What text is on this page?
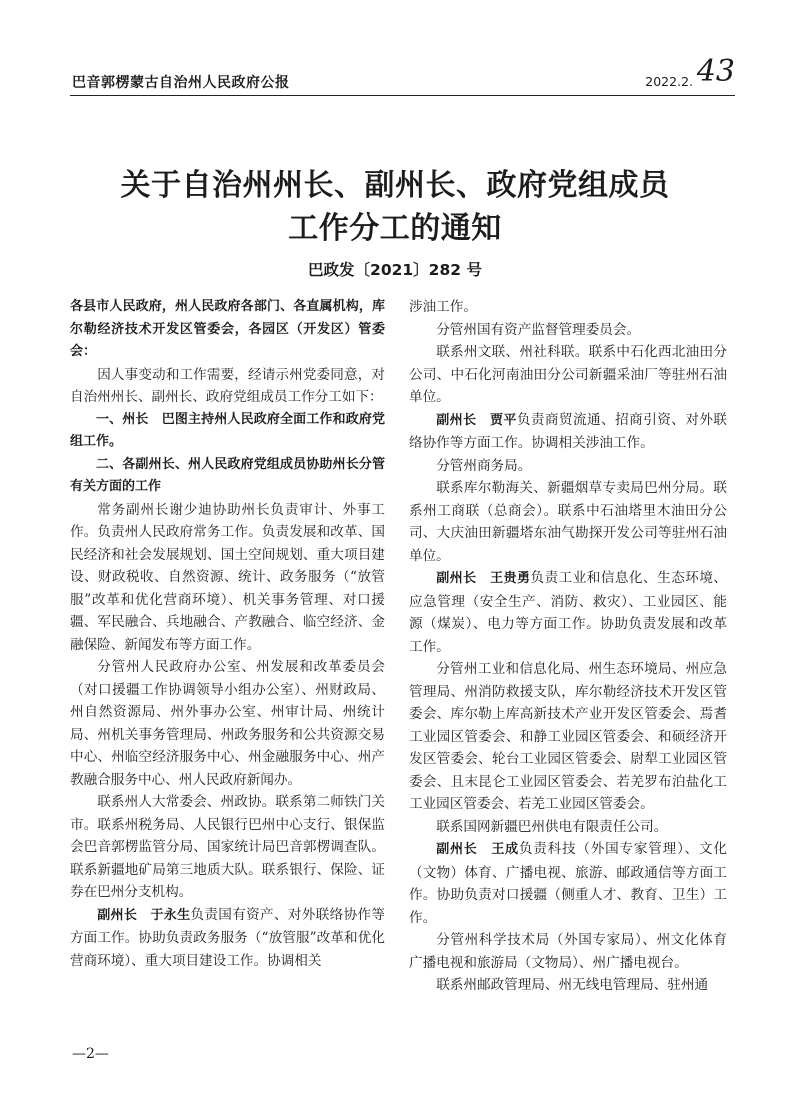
巴音郭楞蒙古自治州人民政府公报	2022.2. 43
关于自治州州长、副州长、政府党组成员
工作分工的通知
巴政发〔2021〕282 号

各县市人民政府，州人民政府各部门、各直属机构，库尔勒经济技术开发区管委会，各园区（开发区）管委会：

因人事变动和工作需要，经请示州党委同意，对自治州州长、副州长、政府党组成员工作分工如下：

一、州长　巴图主持州人民政府全面工作和政府党组工作。

二、各副州长、州人民政府党组成员协助州长分管有关方面的工作

常务副州长谢少迪协助州长负责审计、外事工作。负责州人民政府常务工作。负责发展和改革、国民经济和社会发展规划、国土空间规划、重大项目建设、财政税收、自然资源、统计、政务服务（“放管服”改革和优化营商环境）、机关事务管理、对口援疆、军民融合、兵地融合、产教融合、临空经济、金融保险、新闻发布等方面工作。

分管州人民政府办公室、州发展和改革委员会（对口援疆工作协调领导小组办公室）、州财政局、州自然资源局、州外事办公室、州审计局、州统计局、州机关事务管理局、州政务服务和公共资源交易中心、州临空经济服务中心、州金融服务中心、州产教融合服务中心、州人民政府新闻办。

联系州人大常委会、州政协。联系第二师铁门关市。联系州税务局、人民银行巴州中心支行、银保监会巴音郭楞监管分局、国家统计局巴音郭楞调查队。联系新疆地矿局第三地质大队。联系银行、保险、证券在巴州分支机构。

副州长　于永生负责国有资产、对外联络协作等方面工作。协助负责政务服务（“放管服”改革和优化营商环境）、重大项目建设工作。协调相关

涉油工作。

分管州国有资产监督管理委员会。

联系州文联、州社科联。联系中石化西北油田分公司、中石化河南油田分公司新疆采油厂等驻州石油单位。

副州长　贾平负责商贸流通、招商引资、对外联络协作等方面工作。协调相关涉油工作。

分管州商务局。

联系库尔勒海关、新疆烟草专卖局巴州分局。联系州工商联（总商会）。联系中石油塔里木油田分公司、大庆油田新疆塔东油气勘探开发公司等驻州石油单位。

副州长　王贵勇负责工业和信息化、生态环境、应急管理（安全生产、消防、救灾）、工业园区、能源（煤炭）、电力等方面工作。协助负责发展和改革工作。

分管州工业和信息化局、州生态环境局、州应急管理局、州消防救援支队，库尔勒经济技术开发区管委会、库尔勒上库高新技术产业开发区管委会、焉耆工业园区管委会、和静工业园区管委会、和硕经济开发区管委会、轮台工业园区管委会、尉犁工业园区管委会、且末昆仑工业园区管委会、若羌罗布泊盐化工工业园区管委会、若羌工业园区管委会。

联系国网新疆巴州供电有限责任公司。

副州长　王成负责科技（外国专家管理）、文化（文物）体育、广播电视、旅游、邮政通信等方面工作。协助负责对口援疆（侧重人才、教育、卫生）工作。

分管州科学技术局（外国专家局）、州文化体育广播电视和旅游局（文物局）、州广播电视台。

联系州邮政管理局、州无线电管理局、驻州通

—2—
